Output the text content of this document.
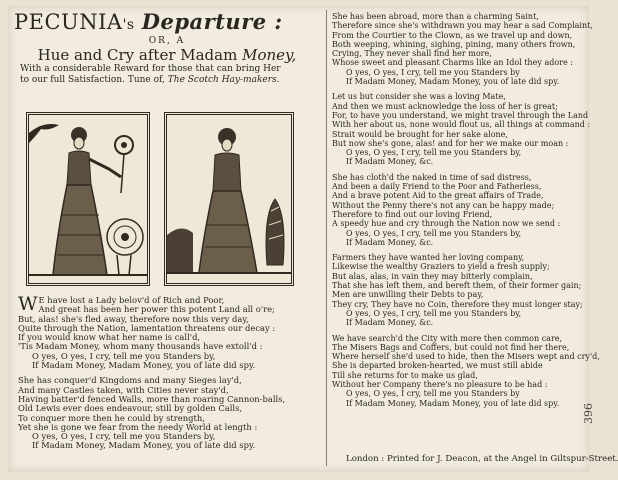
PECUNIA's Departure :
OR, A
Hue and Cry after Madam Money,
With a considerable Reward for those that can bring Her
to our full Satisfaction. Tune of, The Scotch Hay-makers.
W E have lost a Lady belov'd of Rich and Poor,
And great has been her power this potent Land all o're;
But, alas! she's fled away, therefore now this very day,
Quite through the Nation, lamentation threatens our decay :
If you would know what her name is call'd,
'Tis Madam Money, whom many thousands have extoll'd :
O yes, O yes, I cry, tell me you Standers by,
If Madam Money, Madam Money, you of late did spy.
She has conquer'd Kingdoms and many Sieges lay'd,
And many Castles taken, with Cities never stay'd,
Having batter'd fenced Walls, more than roaring Cannon-balls,
Old Lewis ever does endeavour, still by golden Calls,
To conquer more then he could by strength,
Yet she is gone we fear from the needy World at length :
O yes, O yes, I cry, tell me you Standers by,
If Madam Money, Madam Money, you of late did spy.
She has been abroad, more than a charming Saint,
Therefore since she's withdrawn you may hear a sad Complaint,
From the Courtier to the Clown, as we travel up and down,
Both weeping, whining, sighing, pining, many others frown,
Crying, They never shall find her more,
Whose sweet and pleasant Charms like an Idol they adore :
O yes, O yes, I cry, tell me you Standers by
If Madam Money, Madam Money, you of late did spy.
Let us but consider she was a loving Mate,
And then we must acknowledge the loss of her is great;
For, to have you understand, we might travel through the Land
With her about us, none would flout us, all things at command :
Strait would be brought for her sake alone,
But now she's gone, alas! and for her we make our moan :
O yes, O yes, I cry, tell me you Standers by,
If Madam Money, &c.
She has cloth'd the naked in time of sad distress,
And been a daily Friend to the Poor and Fatherless,
And a brave potent Aid to the great affairs of Trade,
Without the Penny there's not any can be happy made;
Therefore to find out our loving Friend,
A speedy hue and cry through the Nation now we send :
O yes, O yes, I cry, tell me you Standers by,
If Madam Money, &c.
Farmers they have wanted her loving company,
Likewise the wealthy Graziers to yield a fresh supply;
But alas, alas, in vain they may bitterly complain,
That she has left them, and bereft them, of their former gain;
Men are unwilling their Debts to pay,
They cry, They have no Coin, therefore they must longer stay;
O yes, O yes, I cry, tell me you Standers by,
If Madam Money, &c.
We have search'd the City with more then common care,
The Misers Bags and Coffers, but could not find her there,
Where herself she'd used to hide, then the Misers wept and cry'd,
She is departed broken-hearted, we must still abide
Till she returns for to make us glad,
Without her Company there's no pleasure to be had :
O yes, O yes, I cry, tell me you Standers by
If Madam Money, Madam Money, you of late did spy.
London : Printed for J. Deacon, at the Angel in Giltspur-Street.
396
